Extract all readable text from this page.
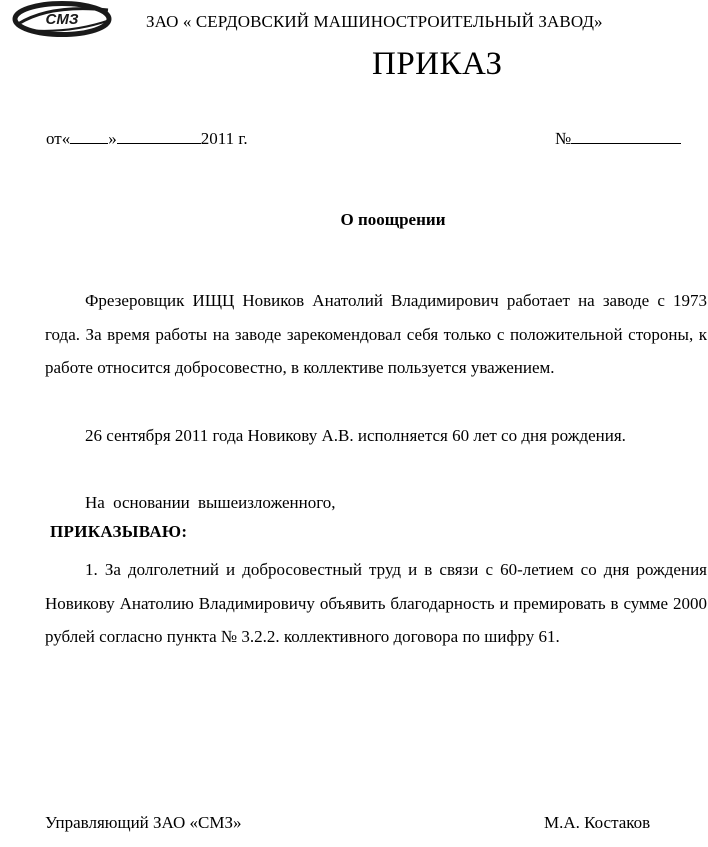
СМЗ	ЗАО « СЕРДОВСКИЙ МАШИНОСТРОИТЕЛЬНЫЙ ЗАВОД»
ПРИКАЗ
от« »	2011 г.	№
О поощрении
Фрезеровщик ИЩЦ Новиков Анатолий Владимирович работает на заводе с 1973 года. За время работы на заводе зарекомендовал себя только с положительной стороны, к работе относится добросовестно, в коллективе пользуется уважением.
26 сентября 2011 года Новикову А.В. исполняется 60 лет со дня рождения.
На основании вышеизложенного,
ПРИКАЗЫВАЮ:
1. За долголетний и добросовестный труд и в связи с 60-летием со дня рождения Новикову Анатолию Владимировичу объявить благодарность и премировать в сумме 2000 рублей согласно пункта № 3.2.2. коллективного договора по шифру 61.
Управляющий ЗАО «СМЗ»	М.А. Костаков
